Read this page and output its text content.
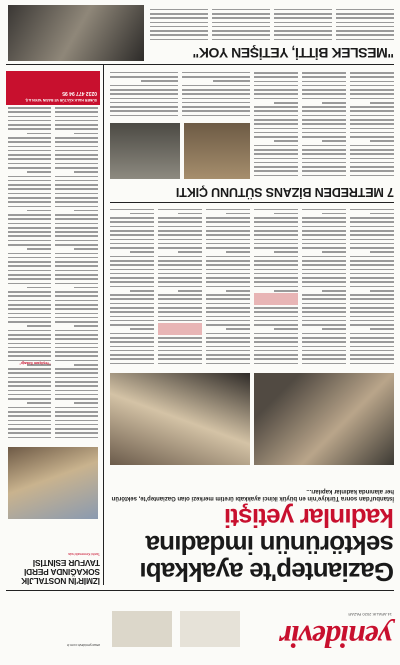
yenidevir
14 ARALIK 2020 PAZAR

www.yenidevir.com.tr
İZMİR'İN NOSTALJİK SOKAĞINDA PERDİ TAVFUR ESİNTİSİ
Tarihi Kemeraltı'nda
"Yeşilçam Sokağı"
Gaziantep'te ayakkabı
sektörünün imdadına
kadınlar yetişti
İstanbul'dan sonra Türkiye'nin en büyük ikinci ayakkabı üretim merkezi olan Gaziantep'te, sektörün her alanında kadınlar kapıları...
7 METREDEN BİZANS SÜTUNU ÇIKTI
"MESLEK BİTTİ, YETİŞEN YOK"
SÜMER HALK KÜLTÜR VE BASIN YAYIN A.Ş.
0232 477 94 95
